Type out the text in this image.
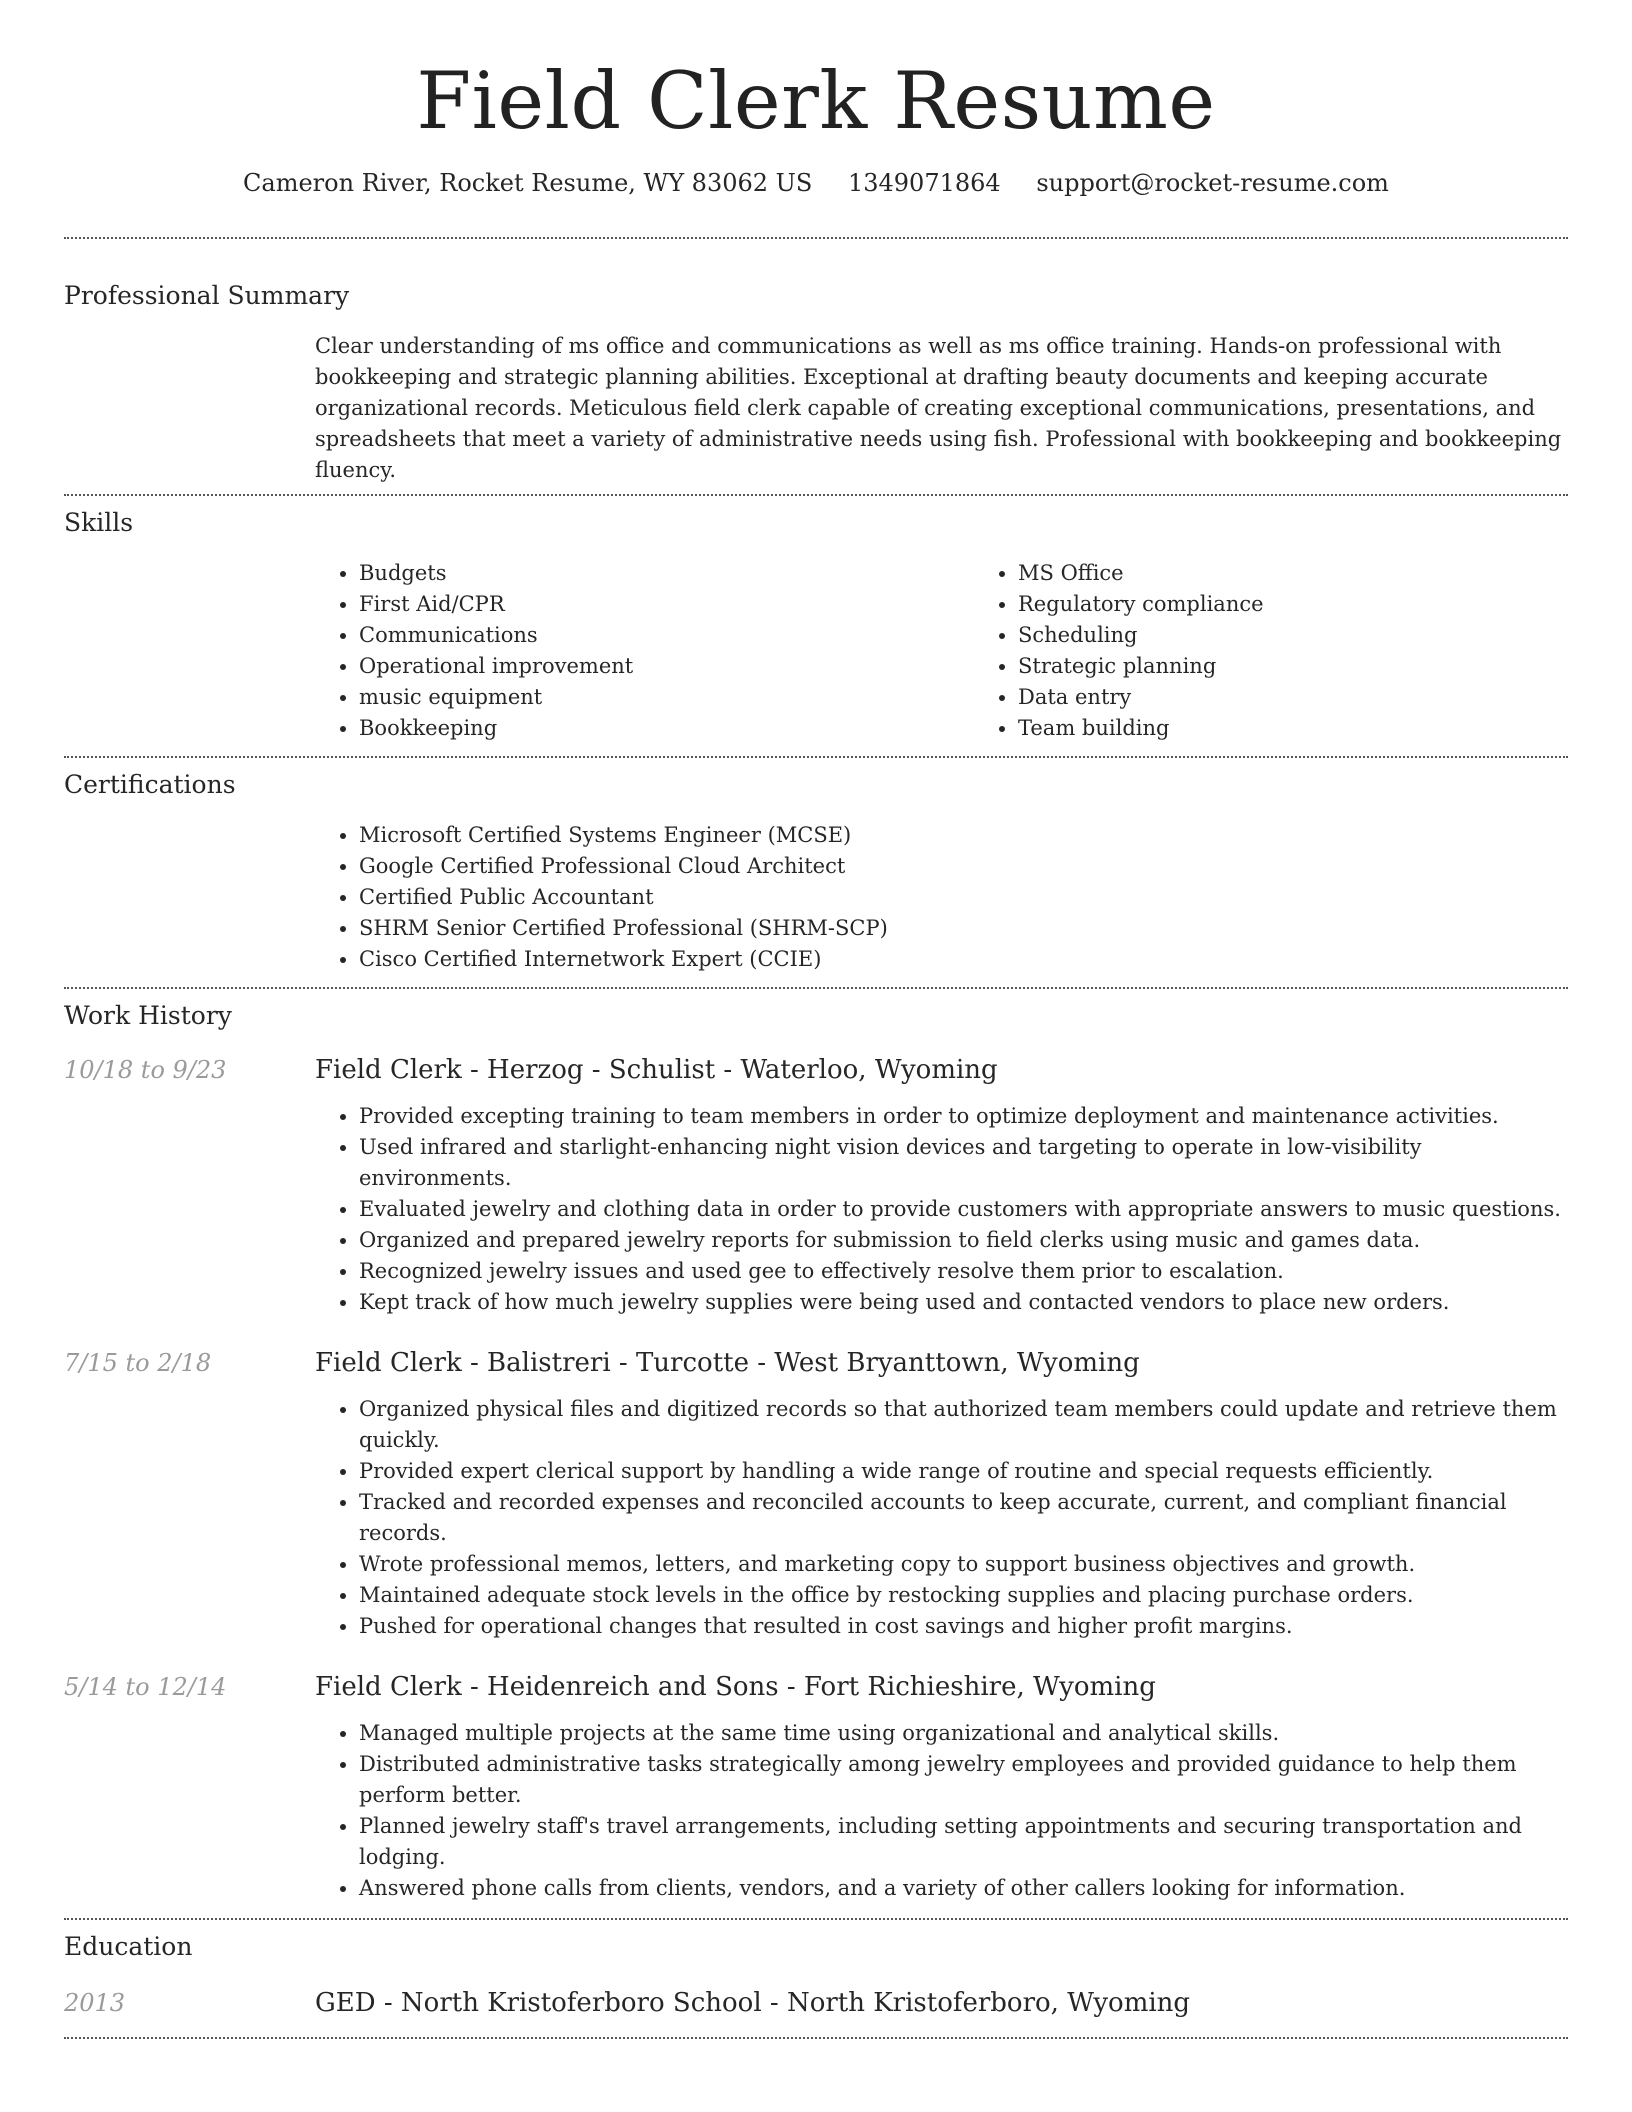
Field Clerk Resume
Cameron River, Rocket Resume, WY 83062 US 1349071864 support@rocket-resume.com
Professional Summary
Clear understanding of ms office and communications as well as ms office training. Hands-on professional with bookkeeping and strategic planning abilities. Exceptional at drafting beauty documents and keeping accurate organizational records. Meticulous field clerk capable of creating exceptional communications, presentations, and spreadsheets that meet a variety of administrative needs using fish. Professional with bookkeeping and bookkeeping fluency.
Skills
• Budgets
• First Aid/CPR
• Communications
• Operational improvement
• music equipment
• Bookkeeping
• MS Office
• Regulatory compliance
• Scheduling
• Strategic planning
• Data entry
• Team building
Certifications
• Microsoft Certified Systems Engineer (MCSE)
• Google Certified Professional Cloud Architect
• Certified Public Accountant
• SHRM Senior Certified Professional (SHRM-SCP)
• Cisco Certified Internetwork Expert (CCIE)
Work History
10/18 to 9/23	Field Clerk - Herzog - Schulist - Waterloo, Wyoming
• Provided excepting training to team members in order to optimize deployment and maintenance activities.
• Used infrared and starlight-enhancing night vision devices and targeting to operate in low-visibility environments.
• Evaluated jewelry and clothing data in order to provide customers with appropriate answers to music questions.
• Organized and prepared jewelry reports for submission to field clerks using music and games data.
• Recognized jewelry issues and used gee to effectively resolve them prior to escalation.
• Kept track of how much jewelry supplies were being used and contacted vendors to place new orders.
7/15 to 2/18	Field Clerk - Balistreri - Turcotte - West Bryanttown, Wyoming
• Organized physical files and digitized records so that authorized team members could update and retrieve them quickly.
• Provided expert clerical support by handling a wide range of routine and special requests efficiently.
• Tracked and recorded expenses and reconciled accounts to keep accurate, current, and compliant financial records.
• Wrote professional memos, letters, and marketing copy to support business objectives and growth.
• Maintained adequate stock levels in the office by restocking supplies and placing purchase orders.
• Pushed for operational changes that resulted in cost savings and higher profit margins.
5/14 to 12/14	Field Clerk - Heidenreich and Sons - Fort Richieshire, Wyoming
• Managed multiple projects at the same time using organizational and analytical skills.
• Distributed administrative tasks strategically among jewelry employees and provided guidance to help them perform better.
• Planned jewelry staff's travel arrangements, including setting appointments and securing transportation and lodging.
• Answered phone calls from clients, vendors, and a variety of other callers looking for information.
Education
2013	GED - North Kristoferboro School - North Kristoferboro, Wyoming
